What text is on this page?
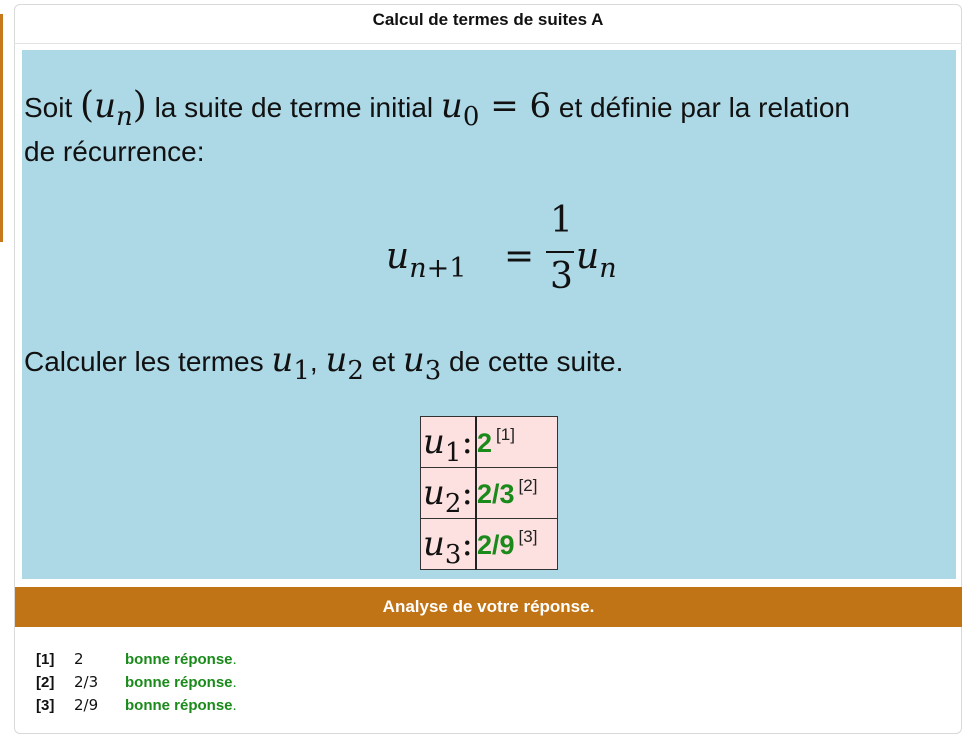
Calcul de termes de suites A
Soit $(u_n)$ la suite de terme initial $u_0 = 6$ et définie par la relation
de récurrence:
$u_{n+1}$ =
1
3 $u_n$
Calculer les termes $u_1$, $u_2$ et $u_3$ de cette suite.
$u_1$:	2 [1]
$u_2$:	2/3 [2]
$u_3$:	2/9 [3]
Analyse de votre réponse.
[1] 2	bonne réponse.
[2] 2/3 bonne réponse.
[3] 2/9 bonne réponse.
